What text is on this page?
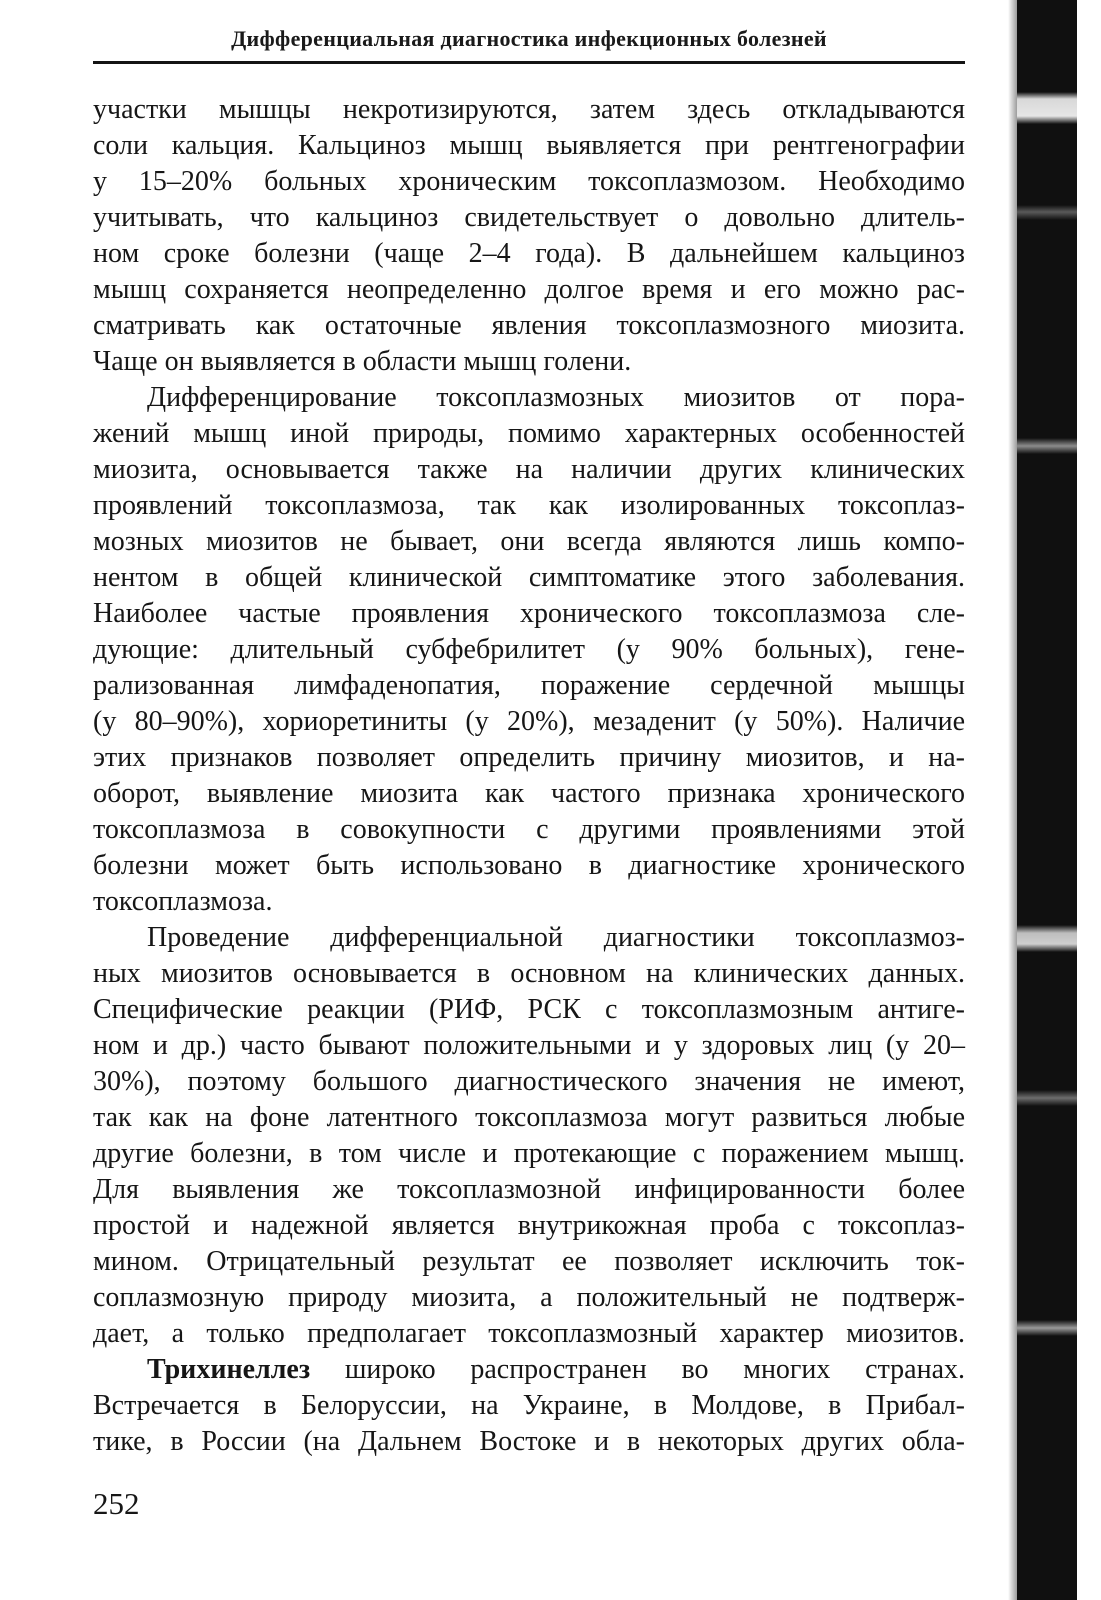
Дифференциальная диагностика инфекционных болезней
участки мышцы некротизируются, затем здесь откладываются
соли кальция. Кальциноз мышц выявляется при рентгенографии
у 15–20% больных хроническим токсоплазмозом. Необходимо
учитывать, что кальциноз свидетельствует о довольно длитель-
ном сроке болезни (чаще 2–4 года). В дальнейшем кальциноз
мышц сохраняется неопределенно долгое время и его можно рас-
сматривать как остаточные явления токсоплазмозного миозита.
Чаще он выявляется в области мышц голени.
Дифференцирование токсоплазмозных миозитов от пора-
жений мышц иной природы, помимо характерных особенностей
миозита, основывается также на наличии других клинических
проявлений токсоплазмоза, так как изолированных токсоплаз-
мозных миозитов не бывает, они всегда являются лишь компо-
нентом в общей клинической симптоматике этого заболевания.
Наиболее частые проявления хронического токсоплазмоза сле-
дующие: длительный субфебрилитет (у 90% больных), гене-
рализованная лимфаденопатия, поражение сердечной мышцы
(у 80–90%), хориоретиниты (у 20%), мезаденит (у 50%). Наличие
этих признаков позволяет определить причину миозитов, и на-
оборот, выявление миозита как частого признака хронического
токсоплазмоза в совокупности с другими проявлениями этой
болезни может быть использовано в диагностике хронического
токсоплазмоза.
Проведение дифференциальной диагностики токсоплазмоз-
ных миозитов основывается в основном на клинических данных.
Специфические реакции (РИФ, РСК с токсоплазмозным антиге-
ном и др.) часто бывают положительными и у здоровых лиц (у 20–
30%), поэтому большого диагностического значения не имеют,
так как на фоне латентного токсоплазмоза могут развиться любые
другие болезни, в том числе и протекающие с поражением мышц.
Для выявления же токсоплазмозной инфицированности более
простой и надежной является внутрикожная проба с токсоплаз-
мином. Отрицательный результат ее позволяет исключить ток-
соплазмозную природу миозита, а положительный не подтверж-
дает, а только предполагает токсоплазмозный характер миозитов.
Трихинеллез широко распространен во многих странах.
Встречается в Белоруссии, на Украине, в Молдове, в Прибал-
тике, в России (на Дальнем Востоке и в некоторых других обла-
252
